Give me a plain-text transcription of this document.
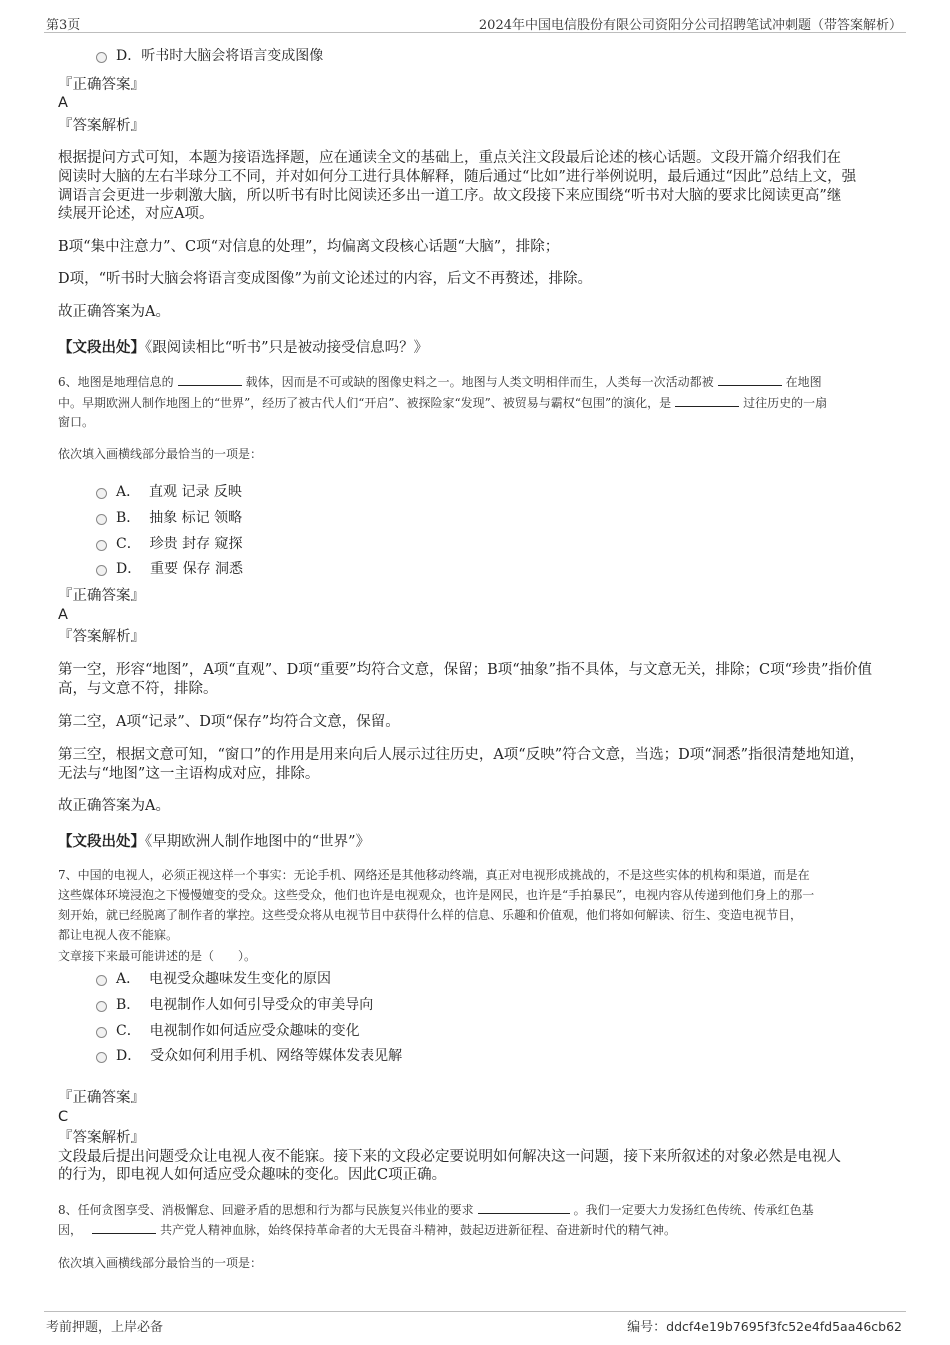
第3页	2024年中国电信股份有限公司资阳分公司招聘笔试冲刺题（带答案解析）
D．听书时大脑会将语言变成图像
『正确答案』
A
『答案解析』
根据提问方式可知，本题为接语选择题，应在通读全文的基础上，重点关注文段最后论述的核心话题。文段开篇介绍我们在
阅读时大脑的左右半球分工不同，并对如何分工进行具体解释，随后通过“比如”进行举例说明，最后通过“因此”总结上文，强
调语言会更进一步刺激大脑，所以听书有时比阅读还多出一道工序。故文段接下来应围绕“听书对大脑的要求比阅读更高”继
续展开论述，对应A项。
B项“集中注意力”、C项“对信息的处理”，均偏离文段核心话题“大脑”，排除；
D项，“听书时大脑会将语言变成图像”为前文论述过的内容，后文不再赘述，排除。
故正确答案为A。
【文段出处】《跟阅读相比“听书”只是被动接受信息吗？》
6、地图是地理信息的	载体，因而是不可或缺的图像史料之一。地图与人类文明相伴而生，人类每一次活动都被	在地图
中。早期欧洲人制作地图上的“世界”，经历了被古代人们“开启”、被探险家“发现”、被贸易与霸权“包围”的演化，是	过往历史的一扇
窗口。
依次填入画横线部分最恰当的一项是：
A． 直观 记录 反映
B． 抽象 标记 领略
C． 珍贵 封存 窥探
D． 重要 保存 洞悉
『正确答案』
A
『答案解析』
第一空，形容“地图”，A项“直观”、D项“重要”均符合文意，保留；B项“抽象”指不具体，与文意无关，排除；C项“珍贵”指价值
高，与文意不符，排除。
第二空，A项“记录”、D项“保存”均符合文意，保留。
第三空，根据文意可知，“窗口”的作用是用来向后人展示过往历史，A项“反映”符合文意，当选；D项“洞悉”指很清楚地知道，
无法与“地图”这一主语构成对应，排除。
故正确答案为A。
【文段出处】《早期欧洲人制作地图中的“世界”》
7、中国的电视人，必须正视这样一个事实：无论手机、网络还是其他移动终端，真正对电视形成挑战的，不是这些实体的机构和渠道，而是在
这些媒体环境浸泡之下慢慢嬗变的受众。这些受众，他们也许是电视观众，也许是网民，也许是“手拍暴民”，电视内容从传递到他们身上的那一
刻开始，就已经脱离了制作者的掌控。这些受众将从电视节目中获得什么样的信息、乐趣和价值观，他们将如何解读、衍生、变造电视节目，
都让电视人夜不能寐。
文章接下来最可能讲述的是（　　）。
A． 电视受众趣味发生变化的原因
B． 电视制作人如何引导受众的审美导向
C． 电视制作如何适应受众趣味的变化
D． 受众如何利用手机、网络等媒体发表见解
『正确答案』
C
『答案解析』
文段最后提出问题受众让电视人夜不能寐。接下来的文段必定要说明如何解决这一问题，接下来所叙述的对象必然是电视人
的行为，即电视人如何适应受众趣味的变化。因此C项正确。
8、任何贪图享受、消极懈怠、回避矛盾的思想和行为都与民族复兴伟业的要求	。我们一定要大力发扬红色传统、传承红色基
因，	共产党人精神血脉，始终保持革命者的大无畏奋斗精神，鼓起迈进新征程、奋进新时代的精气神。
依次填入画横线部分最恰当的一项是：
考前押题，上岸必备	编号：ddcf4e19b7695f3fc52e4fd5aa46cb62
